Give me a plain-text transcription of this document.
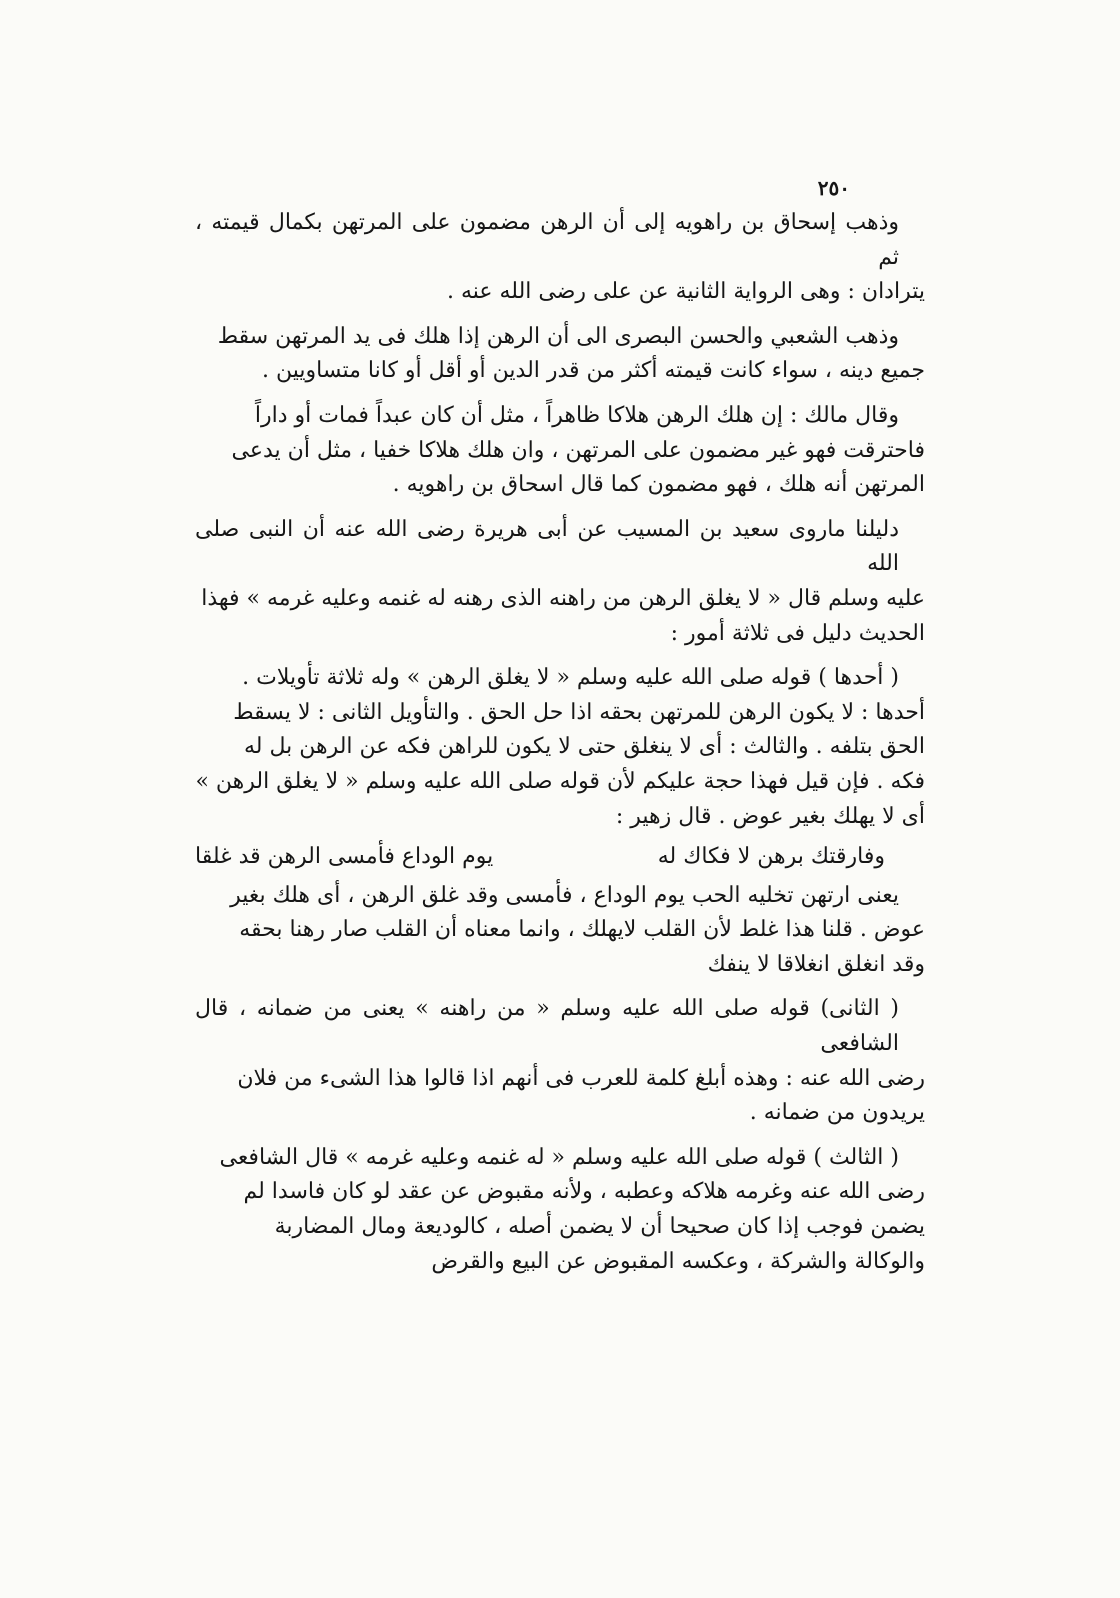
٢٥٠

وذهب إسحاق بن راهويه إلى أن الرهن مضمون على المرتهن بكمال قيمته ، ثم
يترادان : وهى الرواية الثانية عن على رضى الله عنه .

وذهب الشعبي والحسن البصرى الى أن الرهن إذا هلك فى يد المرتهن سقط
جميع دينه ، سواء كانت قيمته أكثر من قدر الدين أو أقل أو كانا متساويين .

وقال مالك : إن هلك الرهن هلاكا ظاهراً ، مثل أن كان عبداً فمات أو داراً
فاحترقت فهو غير مضمون على المرتهن ، وان هلك هلاكا خفيا ، مثل أن يدعى
المرتهن أنه هلك ، فهو مضمون كما قال اسحاق بن راهويه .

دليلنا ماروى سعيد بن المسيب عن أبى هريرة رضى الله عنه أن النبى صلى الله
عليه وسلم قال « لا يغلق الرهن من راهنه الذى رهنه له غنمه وعليه غرمه » فهذا
الحديث دليل فى ثلاثة أمور :

( أحدها ) قوله صلى الله عليه وسلم « لا يغلق الرهن » وله ثلاثة تأويلات .
أحدها : لا يكون الرهن للمرتهن بحقه اذا حل الحق . والتأويل الثانى : لا يسقط
الحق بتلفه . والثالث : أى لا ينغلق حتى لا يكون للراهن فكه عن الرهن بل له
فكه . فإن قيل فهذا حجة عليكم لأن قوله صلى الله عليه وسلم « لا يغلق الرهن »
أى لا يهلك بغير عوض . قال زهير :

وفارقتك برهن لا فكاك له
يوم الوداع فأمسى الرهن قد غلقا

يعنى ارتهن تخليه الحب يوم الوداع ، فأمسى وقد غلق الرهن ، أى هلك بغير
عوض . قلنا هذا غلط لأن القلب لايهلك ، وانما معناه أن القلب صار رهنا بحقه
وقد انغلق انغلاقا لا ينفك

( الثانى) قوله صلى الله عليه وسلم « من راهنه » يعنى من ضمانه ، قال الشافعى
رضى الله عنه : وهذه أبلغ كلمة للعرب فى أنهم اذا قالوا هذا الشىء من فلان
يريدون من ضمانه .

( الثالث ) قوله صلى الله عليه وسلم « له غنمه وعليه غرمه » قال الشافعى
رضى الله عنه وغرمه هلاكه وعطبه ، ولأنه مقبوض عن عقد لو كان فاسدا لم
يضمن فوجب إذا كان صحيحا أن لا يضمن أصله ، كالوديعة ومال المضاربة
والوكالة والشركة ، وعكسه المقبوض عن البيع والقرض
